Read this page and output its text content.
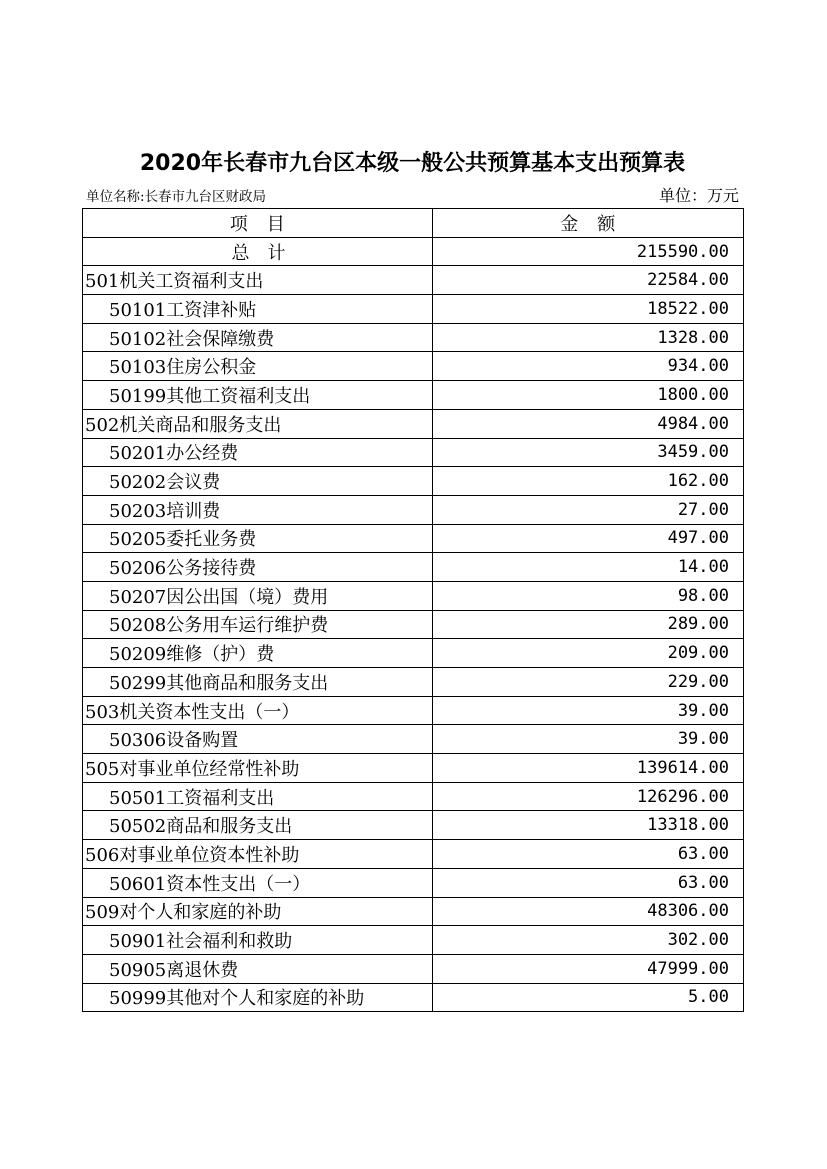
2020年长春市九台区本级一般公共预算基本支出预算表
单位名称:长春市九台区财政局	单位：万元
项　目	金　额
总　计	215590.00
501机关工资福利支出	22584.00
50101工资津补贴	18522.00
50102社会保障缴费	1328.00
50103住房公积金	934.00
50199其他工资福利支出	1800.00
502机关商品和服务支出	4984.00
50201办公经费	3459.00
50202会议费	162.00
50203培训费	27.00
50205委托业务费	497.00
50206公务接待费	14.00
50207因公出国（境）费用	98.00
50208公务用车运行维护费	289.00
50209维修（护）费	209.00
50299其他商品和服务支出	229.00
503机关资本性支出（一）	39.00
50306设备购置	39.00
505对事业单位经常性补助	139614.00
50501工资福利支出	126296.00
50502商品和服务支出	13318.00
506对事业单位资本性补助	63.00
50601资本性支出（一）	63.00
509对个人和家庭的补助	48306.00
50901社会福利和救助	302.00
50905离退休费	47999.00
50999其他对个人和家庭的补助	5.00
